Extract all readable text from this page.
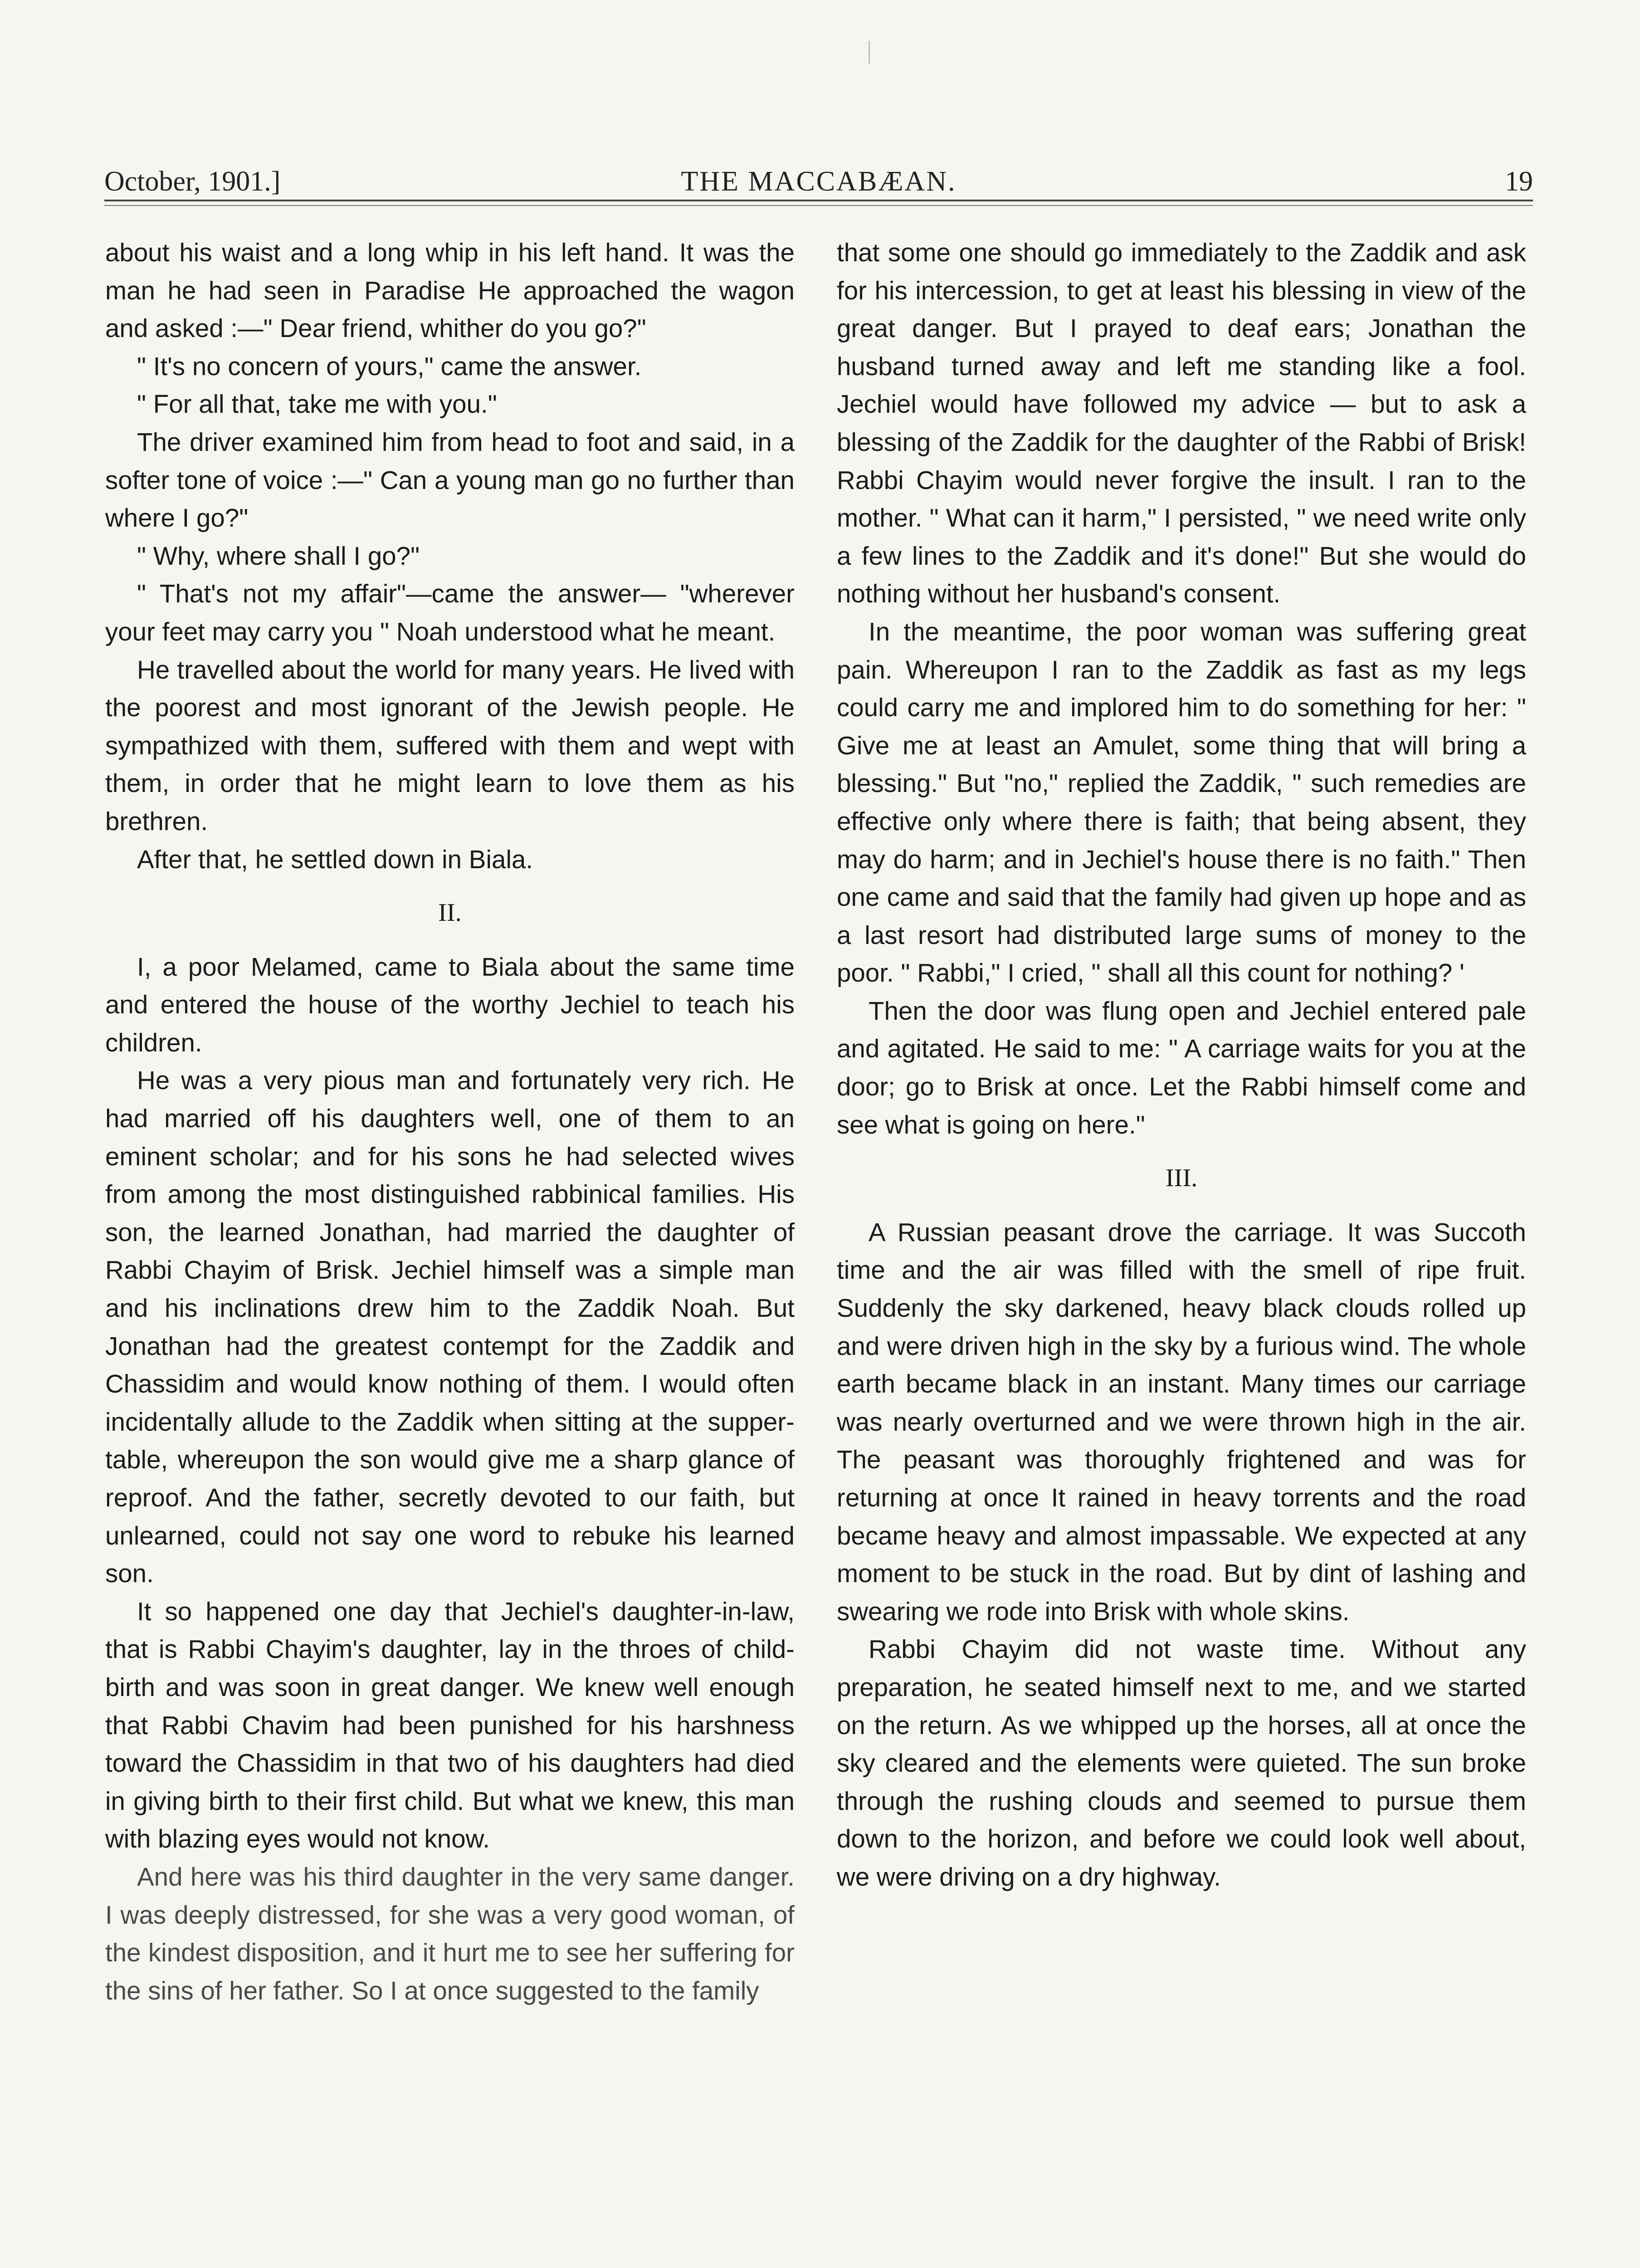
October, 1901.]	THE MACCABÆAN.	19

about his waist and a long whip in his left hand. It was the man he had seen in Paradise He approached the wagon and asked :—" Dear friend, whither do you go?"

" It's no concern of yours," came the answer.

" For all that, take me with you."

The driver examined him from head to foot and said, in a softer tone of voice :—" Can a young man go no further than where I go?"

" Why, where shall I go?"

" That's not my affair"—came the answer— "wherever your feet may carry you " Noah understood what he meant.

He travelled about the world for many years. He lived with the poorest and most ignorant of the Jewish people. He sympathized with them, suffered with them and wept with them, in order that he might learn to love them as his brethren.

After that, he settled down in Biala.

II.

I, a poor Melamed, came to Biala about the same time and entered the house of the worthy Jechiel to teach his children.

He was a very pious man and fortunately very rich. He had married off his daughters well, one of them to an eminent scholar; and for his sons he had selected wives from among the most distinguished rabbinical families. His son, the learned Jonathan, had married the daughter of Rabbi Chayim of Brisk. Jechiel himself was a simple man and his inclinations drew him to the Zaddik Noah. But Jonathan had the greatest contempt for the Zaddik and Chassidim and would know nothing of them. I would often incidentally allude to the Zaddik when sitting at the supper-table, whereupon the son would give me a sharp glance of reproof. And the father, secretly devoted to our faith, but unlearned, could not say one word to rebuke his learned son.

It so happened one day that Jechiel's daughter-in-law, that is Rabbi Chayim's daughter, lay in the throes of child-birth and was soon in great danger. We knew well enough that Rabbi Chavim had been punished for his harshness toward the Chassidim in that two of his daughters had died in giving birth to their first child. But what we knew, this man with blazing eyes would not know.

And here was his third daughter in the very same danger. I was deeply distressed, for she was a very good woman, of the kindest disposition, and it hurt me to see her suffering for the sins of her father. So I at once suggested to the family

that some one should go immediately to the Zaddik and ask for his intercession, to get at least his blessing in view of the great danger. But I prayed to deaf ears; Jonathan the husband turned away and left me standing like a fool. Jechiel would have followed my advice — but to ask a blessing of the Zaddik for the daughter of the Rabbi of Brisk! Rabbi Chayim would never forgive the insult. I ran to the mother. " What can it harm," I persisted, " we need write only a few lines to the Zaddik and it's done!" But she would do nothing without her husband's consent.

In the meantime, the poor woman was suffering great pain. Whereupon I ran to the Zaddik as fast as my legs could carry me and implored him to do something for her: " Give me at least an Amulet, some thing that will bring a blessing." But "no," replied the Zaddik, " such remedies are effective only where there is faith; that being absent, they may do harm; and in Jechiel's house there is no faith." Then one came and said that the family had given up hope and as a last resort had distributed large sums of money to the poor. " Rabbi," I cried, " shall all this count for nothing? '

Then the door was flung open and Jechiel entered pale and agitated. He said to me: " A carriage waits for you at the door; go to Brisk at once. Let the Rabbi himself come and see what is going on here."

III.

A Russian peasant drove the carriage. It was Succoth time and the air was filled with the smell of ripe fruit. Suddenly the sky darkened, heavy black clouds rolled up and were driven high in the sky by a furious wind. The whole earth became black in an instant. Many times our carriage was nearly overturned and we were thrown high in the air. The peasant was thoroughly frightened and was for returning at once It rained in heavy torrents and the road became heavy and almost impassable. We expected at any moment to be stuck in the road. But by dint of lashing and swearing we rode into Brisk with whole skins.

Rabbi Chayim did not waste time. Without any preparation, he seated himself next to me, and we started on the return. As we whipped up the horses, all at once the sky cleared and the elements were quieted. The sun broke through the rushing clouds and seemed to pursue them down to the horizon, and before we could look well about, we were driving on a dry highway.
